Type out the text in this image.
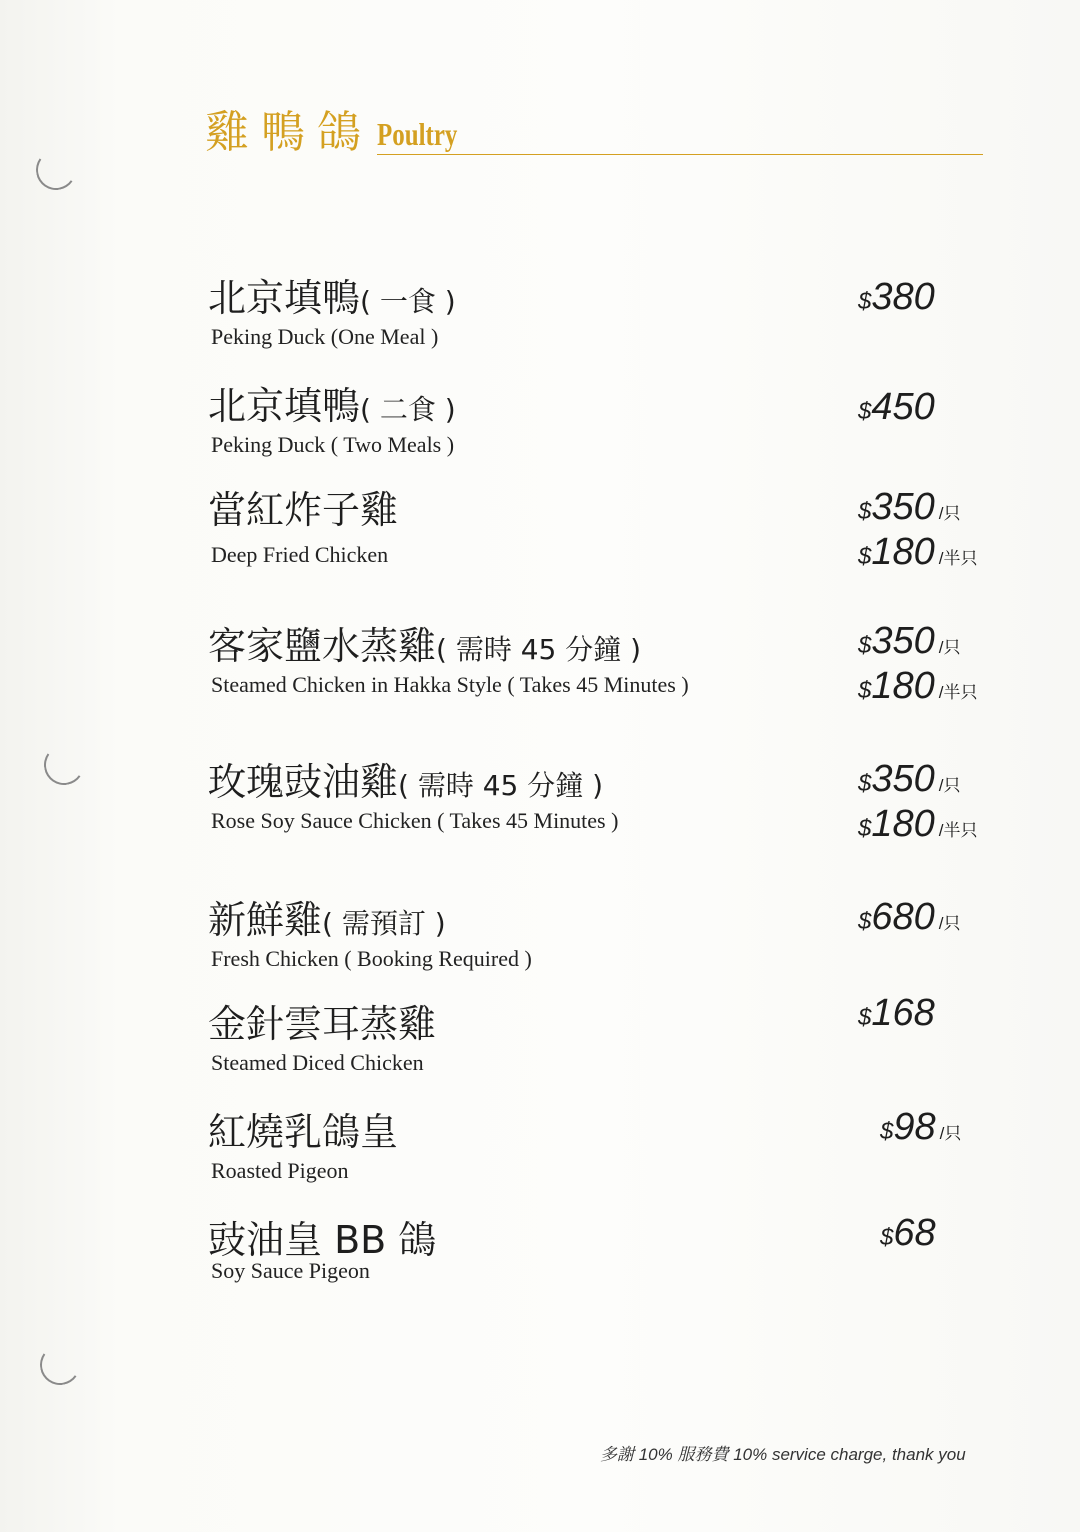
雞鴨鴿 Poultry
北京填鴨( 一食 )
Peking Duck (One Meal )
$380
北京填鴨( 二食 )
Peking Duck ( Two Meals )
$450
當紅炸子雞
Deep Fried Chicken
$350 /只
$180 /半只
客家鹽水蒸雞( 需時 45 分鐘 )
Steamed Chicken in Hakka Style ( Takes 45 Minutes )
$350 /只
$180 /半只
玫瑰豉油雞( 需時 45 分鐘 )
Rose Soy Sauce Chicken ( Takes 45 Minutes )
$350 /只
$180 /半只
新鮮雞( 需預訂 )
Fresh Chicken ( Booking Required )
$680 /只
金針雲耳蒸雞
Steamed Diced Chicken
$168
紅燒乳鴿皇
Roasted Pigeon
$98 /只
豉油皇 BB 鴿
Soy Sauce Pigeon
$68
多謝 10% 服務費 10% service charge, thank you
